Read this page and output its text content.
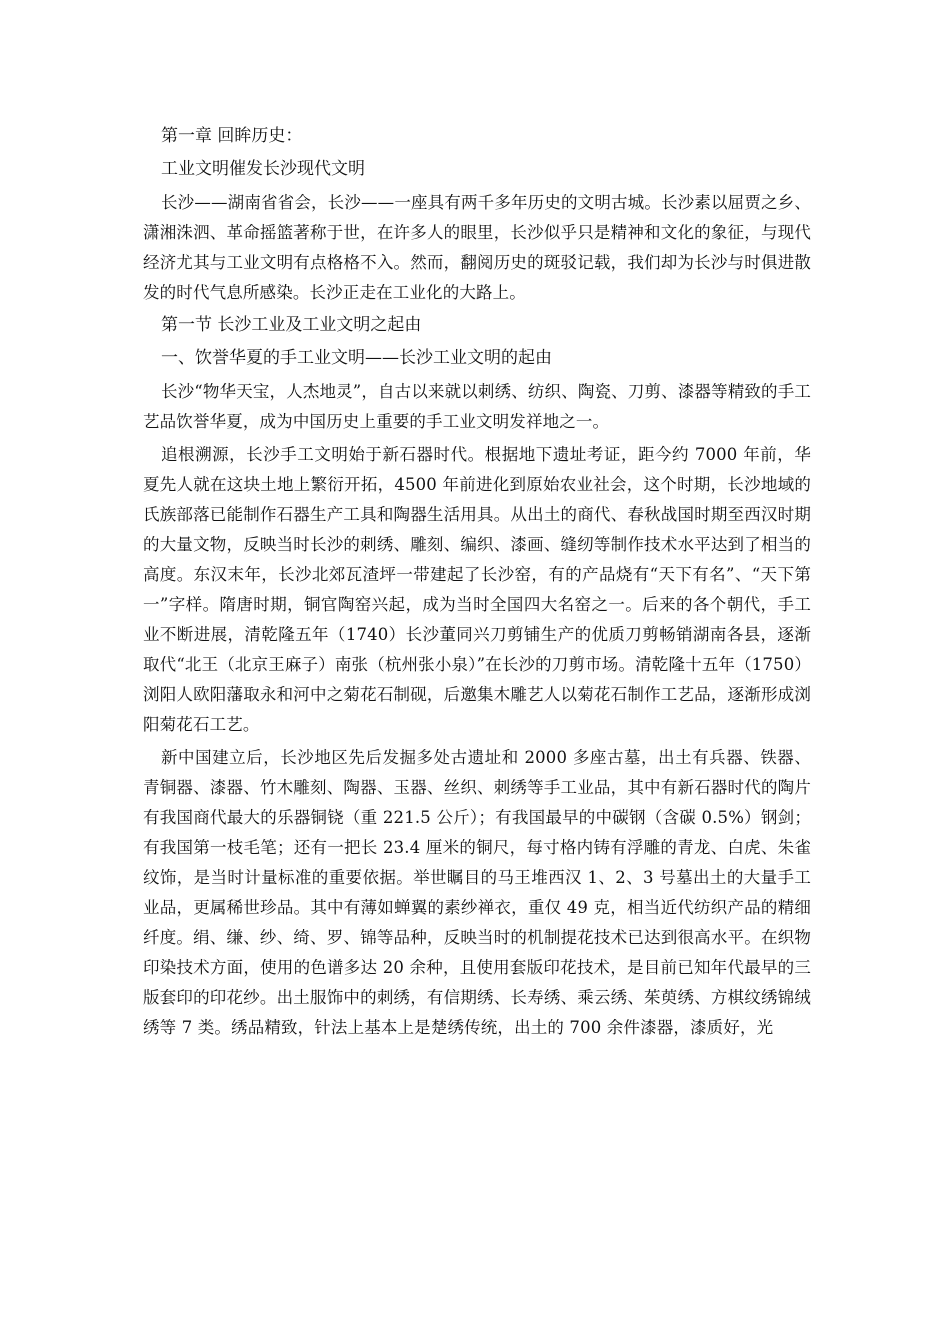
第一章 回眸历史：
工业文明催发长沙现代文明

长沙——湖南省省会，长沙——一座具有两千多年历史的文明古城。长沙素以屈贾之乡、潇湘洙泗、革命摇篮著称于世，在许多人的眼里，长沙似乎只是精神和文化的象征，与现代经济尤其与工业文明有点格格不入。然而，翻阅历史的斑驳记载，我们却为长沙与时俱进散发的时代气息所感染。长沙正走在工业化的大路上。

第一节 长沙工业及工业文明之起由
一、饮誉华夏的手工业文明——长沙工业文明的起由

长沙“物华天宝，人杰地灵”，自古以来就以刺绣、纺织、陶瓷、刀剪、漆器等精致的手工艺品饮誉华夏，成为中国历史上重要的手工业文明发祥地之一。

追根溯源，长沙手工文明始于新石器时代。根据地下遗址考证，距今约 7000 年前，华夏先人就在这块土地上繁衍开拓，4500 年前进化到原始农业社会，这个时期，长沙地域的氏族部落已能制作石器生产工具和陶器生活用具。从出土的商代、春秋战国时期至西汉时期的大量文物，反映当时长沙的刺绣、雕刻、编织、漆画、缝纫等制作技术水平达到了相当的高度。东汉末年，长沙北郊瓦渣坪一带建起了长沙窑，有的产品烧有“天下有名”、“天下第一”字样。隋唐时期，铜官陶窑兴起，成为当时全国四大名窑之一。后来的各个朝代，手工业不断进展，清乾隆五年（1740）长沙董同兴刀剪铺生产的优质刀剪畅销湖南各县，逐渐取代“北王（北京王麻子）南张（杭州张小泉）”在长沙的刀剪市场。清乾隆十五年（1750）浏阳人欧阳藩取永和河中之菊花石制砚，后邀集木雕艺人以菊花石制作工艺品，逐渐形成浏阳菊花石工艺。

新中国建立后，长沙地区先后发掘多处古遗址和 2000 多座古墓，出土有兵器、铁器、青铜器、漆器、竹木雕刻、陶器、玉器、丝织、刺绣等手工业品，其中有新石器时代的陶片有我国商代最大的乐器铜铙（重 221.5 公斤）；有我国最早的中碳钢（含碳 0.5%）钢剑；有我国第一枝毛笔；还有一把长 23.4 厘米的铜尺，每寸格内铸有浮雕的青龙、白虎、朱雀纹饰，是当时计量标准的重要依据。举世瞩目的马王堆西汉 1、2、3 号墓出土的大量手工业品，更属稀世珍品。其中有薄如蝉翼的素纱禅衣，重仅 49 克，相当近代纺织产品的精细纤度。绢、缣、纱、绮、罗、锦等品种，反映当时的机制提花技术已达到很高水平。在织物印染技术方面，使用的色谱多达 20 余种，且使用套版印花技术，是目前已知年代最早的三版套印的印花纱。出土服饰中的刺绣，有信期绣、长寿绣、乘云绣、茱萸绣、方棋纹绣锦绒绣等 7 类。绣品精致，针法上基本上是楚绣传统，出土的 700 余件漆器，漆质好，光
